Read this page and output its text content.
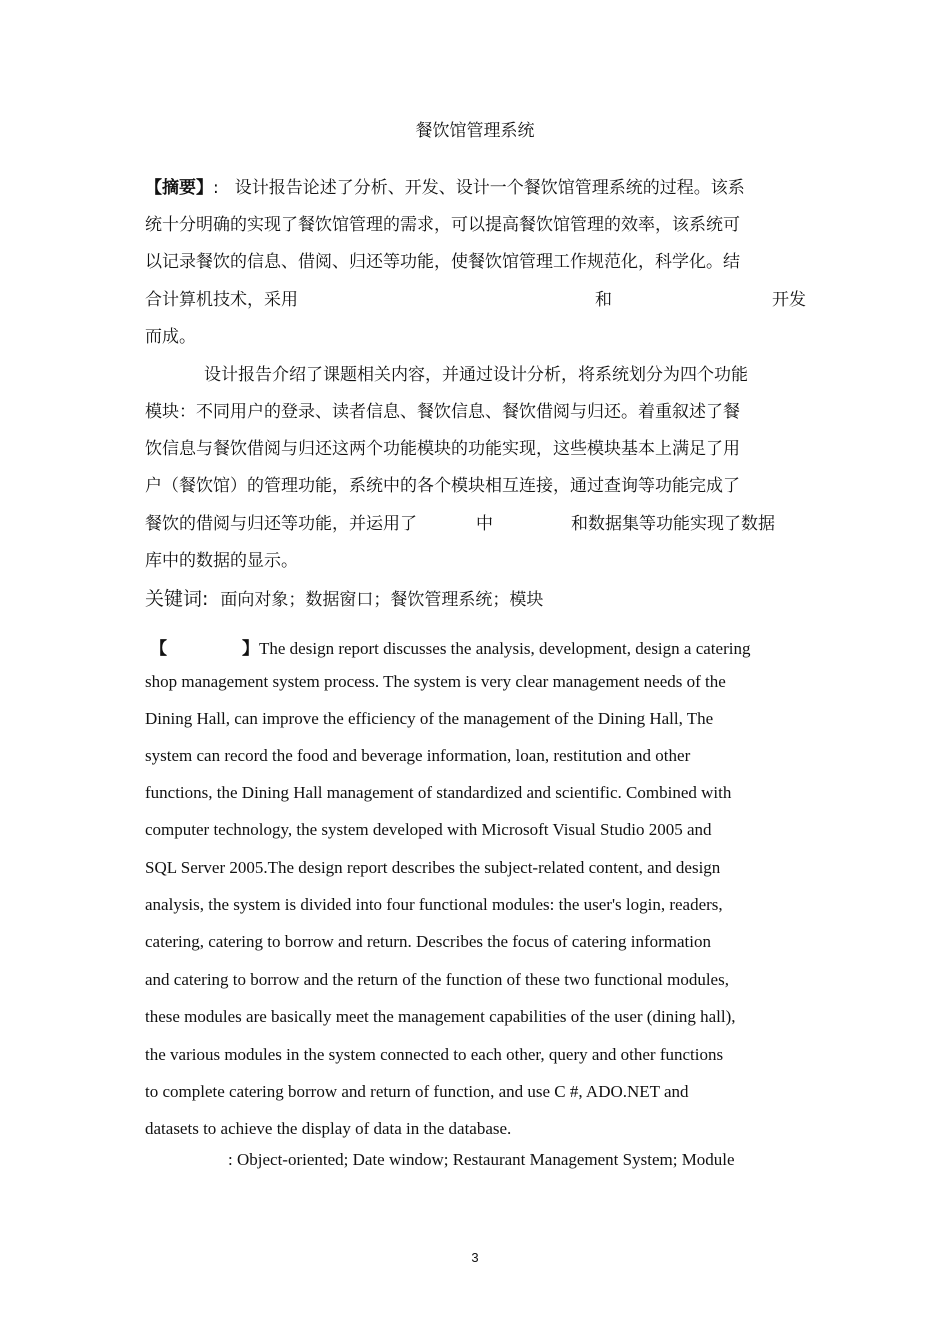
餐饮馆管理系统
【摘要】: 设计报告论述了分析、开发、设计一个餐饮馆管理系统的过程。该系
统十分明确的实现了餐饮馆管理的需求，可以提高餐饮馆管理的效率，该系统可
以记录餐饮的信息、借阅、归还等功能，使餐饮馆管理工作规范化，科学化。结
合计算机技术，采用	和	开发
而成。
设计报告介绍了课题相关内容，并通过设计分析，将系统划分为四个功能
模块：不同用户的登录、读者信息、餐饮信息、餐饮借阅与归还。着重叙述了餐
饮信息与餐饮借阅与归还这两个功能模块的功能实现，这些模块基本上满足了用
户（餐饮馆）的管理功能，系统中的各个模块相互连接，通过查询等功能完成了
餐饮的借阅与归还等功能，并运用了	中	和数据集等功能实现了数据
库中的数据的显示。
关键词: 面向对象；数据窗口；餐饮管理系统；模块
【	】The design report discusses the analysis, development, design a catering
shop management system process. The system is very clear management needs of the
Dining Hall, can improve the efficiency of the management of the Dining Hall, The
system can record the food and beverage information, loan, restitution and other
functions, the Dining Hall management of standardized and scientific. Combined with
computer technology, the system developed with Microsoft Visual Studio 2005 and
SQL Server 2005.The design report describes the subject-related content, and design
analysis, the system is divided into four functional modules: the user's login, readers,
catering, catering to borrow and return. Describes the focus of catering information
and catering to borrow and the return of the function of these two functional modules,
these modules are basically meet the management capabilities of the user (dining hall),
the various modules in the system connected to each other, query and other functions
to complete catering borrow and return of function, and use C #, ADO.NET and
datasets to achieve the display of data in the database.
: Object-oriented; Date window; Restaurant Management System; Module
3
